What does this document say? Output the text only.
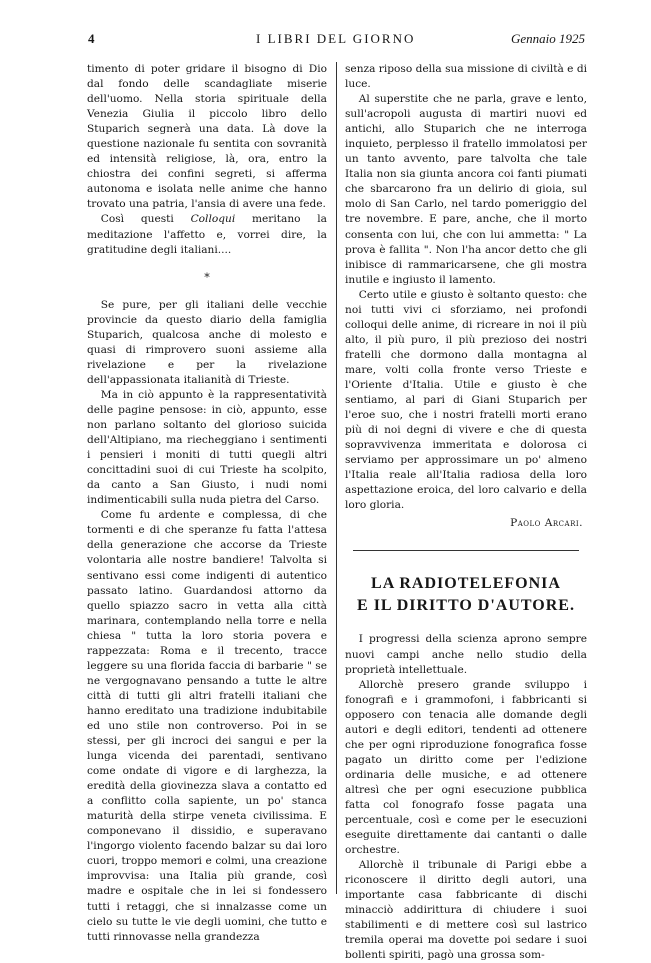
4	I LIBRI DEL GIORNO	Gennaio 1925

timento di poter gridare il bisogno di Dio dal fondo delle scandagliate miserie dell'uomo. Nella storia spirituale della Venezia Giulia il piccolo libro dello Stuparich segnerà una data. Là dove la questione nazionale fu sentita con sovranità ed intensità religiose, là, ora, entro la chiostra dei confini segreti, si afferma autonoma e isolata nelle anime che hanno trovato una patria, l'ansia di avere una fede.

Così questi Colloqui meritano la meditazione l'affetto e, vorrei dire, la gratitudine degli italiani....

*

Se pure, per gli italiani delle vecchie provincie da questo diario della famiglia Stuparich, qualcosa anche di molesto e quasi di rimprovero suoni assieme alla rivelazione e per la rivelazione dell'appassionata italianità di Trieste.

Ma in ciò appunto è la rappresentatività delle pagine pensose: in ciò, appunto, esse non parlano soltanto del glorioso suicida dell'Altipiano, ma riecheggiano i sentimenti i pensieri i moniti di tutti quegli altri concittadini suoi di cui Trieste ha scolpito, da canto a San Giusto, i nudi nomi indimenticabili sulla nuda pietra del Carso.

Come fu ardente e complessa, di che tormenti e di che speranze fu fatta l'attesa della generazione che accorse da Trieste volontaria alle nostre bandiere! Talvolta si sentivano essi come indigenti di autentico passato latino. Guardandosi attorno da quello spiazzo sacro in vetta alla città marinara, contemplando nella torre e nella chiesa " tutta la loro storia povera e rappezzata: Roma e il trecento, tracce leggere su una florida faccia di barbarie " se ne vergognavano pensando a tutte le altre città di tutti gli altri fratelli italiani che hanno ereditato una tradizione indubitabile ed uno stile non controverso. Poi in se stessi, per gli incroci dei sangui e per la lunga vicenda dei parentadi, sentivano come ondate di vigore e di larghezza, la eredità della giovinezza slava a contatto ed a conflitto colla sapiente, un po' stanca maturità della stirpe veneta civilissima. E componevano il dissidio, e superavano l'ingorgo violento facendo balzar su dai loro cuori, troppo memori e colmi, una creazione improvvisa: una Italia più grande, così madre e ospitale che in lei si fondessero tutti i retaggi, che si innalzasse come un cielo su tutte le vie degli uomini, che tutto e tutti rinnovasse nella grandezza

senza riposo della sua missione di civiltà e di luce.

Al superstite che ne parla, grave e lento, sull'acropoli augusta di martiri nuovi ed antichi, allo Stuparich che ne interroga inquieto, perplesso il fratello immolatosi per un tanto avvento, pare talvolta che tale Italia non sia giunta ancora coi fanti piumati che sbarcarono fra un delirio di gioia, sul molo di San Carlo, nel tardo pomeriggio del tre novembre. E pare, anche, che il morto consenta con lui, che con lui ammetta: " La prova è fallita ". Non l'ha ancor detto che gli inibisce di rammaricarsene, che gli mostra inutile e ingiusto il lamento.

Certo utile e giusto è soltanto questo: che noi tutti vivi ci sforziamo, nei profondi colloqui delle anime, di ricreare in noi il più alto, il più puro, il più prezioso dei nostri fratelli che dormono dalla montagna al mare, volti colla fronte verso Trieste e l'Oriente d'Italia. Utile e giusto è che sentiamo, al pari di Giani Stuparich per l'eroe suo, che i nostri fratelli morti erano più di noi degni di vivere e che di questa sopravvivenza immeritata e dolorosa ci serviamo per approssimare un po' almeno l'Italia reale all'Italia radiosa della loro aspettazione eroica, del loro calvario e della loro gloria.

Paolo Arcari.
LA RADIOTELEFONIA
E IL DIRITTO D'AUTORE.

I progressi della scienza aprono sempre nuovi campi anche nello studio della proprietà intellettuale.

Allorchè presero grande sviluppo i fonografi e i grammofoni, i fabbricanti si opposero con tenacia alle domande degli autori e degli editori, tendenti ad ottenere che per ogni riproduzione fonografica fosse pagato un diritto come per l'edizione ordinaria delle musiche, e ad ottenere altresì che per ogni esecuzione pubblica fatta col fonografo fosse pagata una percentuale, così e come per le esecuzioni eseguite direttamente dai cantanti o dalle orchestre.

Allorchè il tribunale di Parigi ebbe a riconoscere il diritto degli autori, una importante casa fabbricante di dischi minacciò addirittura di chiudere i suoi stabilimenti e di mettere così sul lastrico tremila operai ma dovette poi sedare i suoi bollenti spiriti, pagò una grossa som-
